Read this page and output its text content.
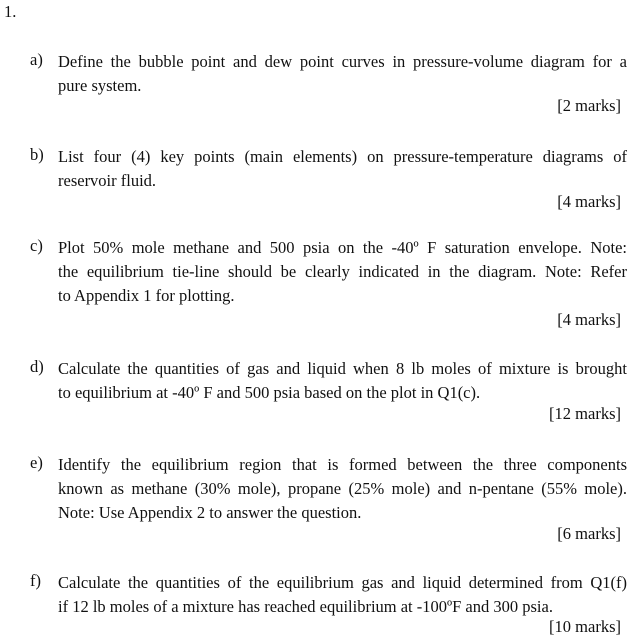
1.
a) Define the bubble point and dew point curves in pressure-volume diagram for a
pure system.
[2 marks]
b) List four (4) key points (main elements) on pressure-temperature diagrams of
reservoir fluid.
[4 marks]
c) Plot 50% mole methane and 500 psia on the -40º F saturation envelope. Note:
the equilibrium tie-line should be clearly indicated in the diagram. Note: Refer
to Appendix 1 for plotting.
[4 marks]
d) Calculate the quantities of gas and liquid when 8 lb moles of mixture is brought
to equilibrium at -40º F and 500 psia based on the plot in Q1(c).
[12 marks]
e) Identify the equilibrium region that is formed between the three components
known as methane (30% mole), propane (25% mole) and n-pentane (55% mole).
Note: Use Appendix 2 to answer the question.
[6 marks]
f) Calculate the quantities of the equilibrium gas and liquid determined from Q1(f)
if 12 lb moles of a mixture has reached equilibrium at -100ºF and 300 psia.
[10 marks]
